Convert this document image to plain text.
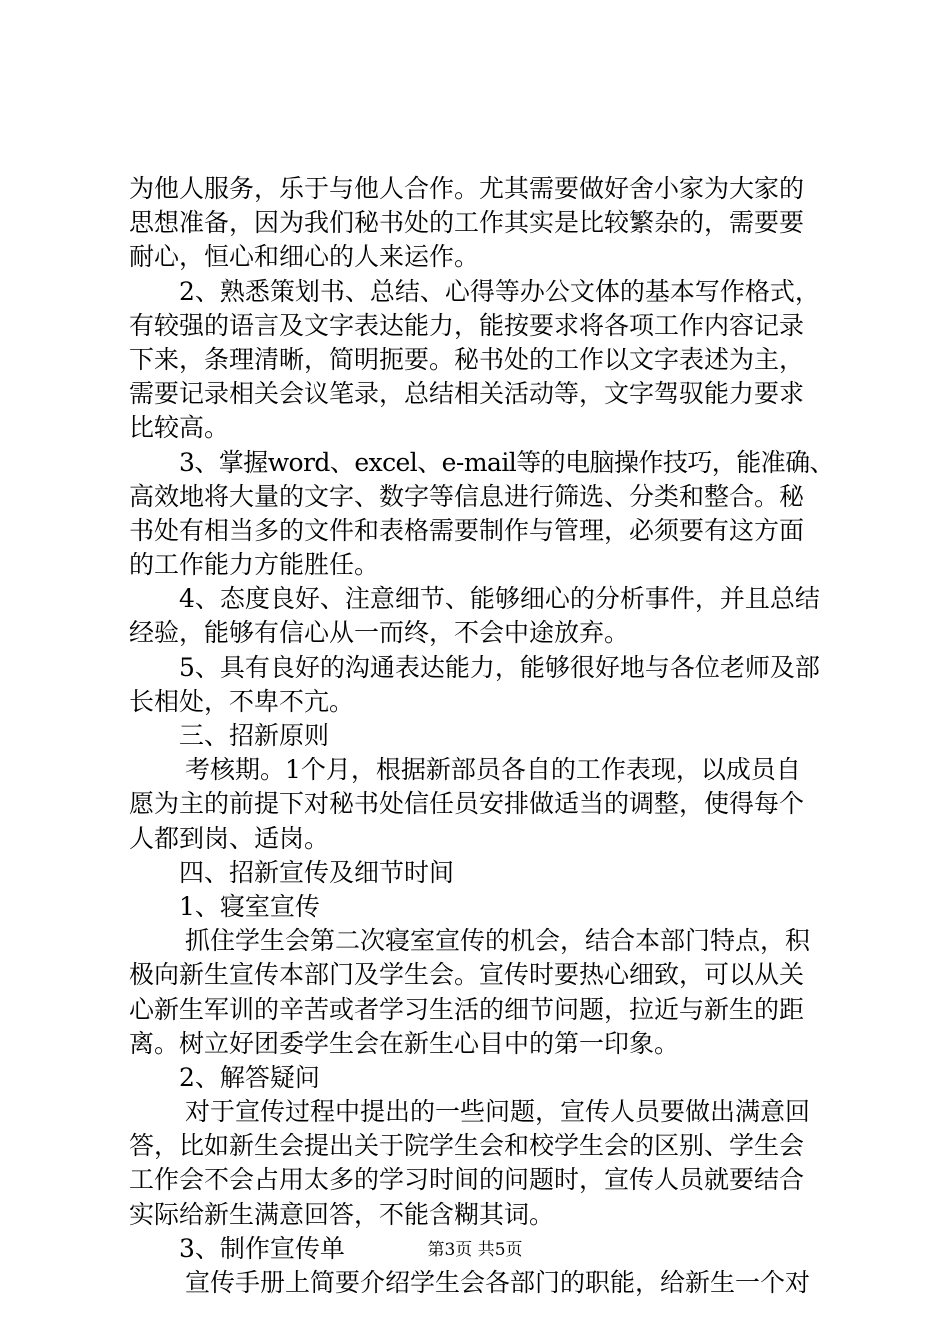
为他人服务，乐于与他人合作。尤其需要做好舍小家为大家的
思想准备，因为我们秘书处的工作其实是比较繁杂的，需要要
耐心，恒心和细心的人来运作。
2、熟悉策划书、总结、心得等办公文体的基本写作格式，
有较强的语言及文字表达能力，能按要求将各项工作内容记录
下来，条理清晰，简明扼要。秘书处的工作以文字表述为主，
需要记录相关会议笔录，总结相关活动等，文字驾驭能力要求
比较高。
3、掌握word、excel、e-mail等的电脑操作技巧，能准确、
高效地将大量的文字、数字等信息进行筛选、分类和整合。秘
书处有相当多的文件和表格需要制作与管理，必须要有这方面
的工作能力方能胜任。
4、态度良好、注意细节、能够细心的分析事件，并且总结
经验，能够有信心从一而终，不会中途放弃。
5、具有良好的沟通表达能力，能够很好地与各位老师及部
长相处，不卑不亢。
三、招新原则
考核期。1个月，根据新部员各自的工作表现，以成员自
愿为主的前提下对秘书处信任员安排做适当的调整，使得每个
人都到岗、适岗。
四、招新宣传及细节时间
1、寝室宣传
抓住学生会第二次寝室宣传的机会，结合本部门特点，积
极向新生宣传本部门及学生会。宣传时要热心细致，可以从关
心新生军训的辛苦或者学习生活的细节问题，拉近与新生的距
离。树立好团委学生会在新生心目中的第一印象。
2、解答疑问
对于宣传过程中提出的一些问题，宣传人员要做出满意回
答，比如新生会提出关于院学生会和校学生会的区别、学生会
工作会不会占用太多的学习时间的问题时，宣传人员就要结合
实际给新生满意回答，不能含糊其词。
3、制作宣传单
宣传手册上简要介绍学生会各部门的职能，给新生一个对
第3页 共5页
